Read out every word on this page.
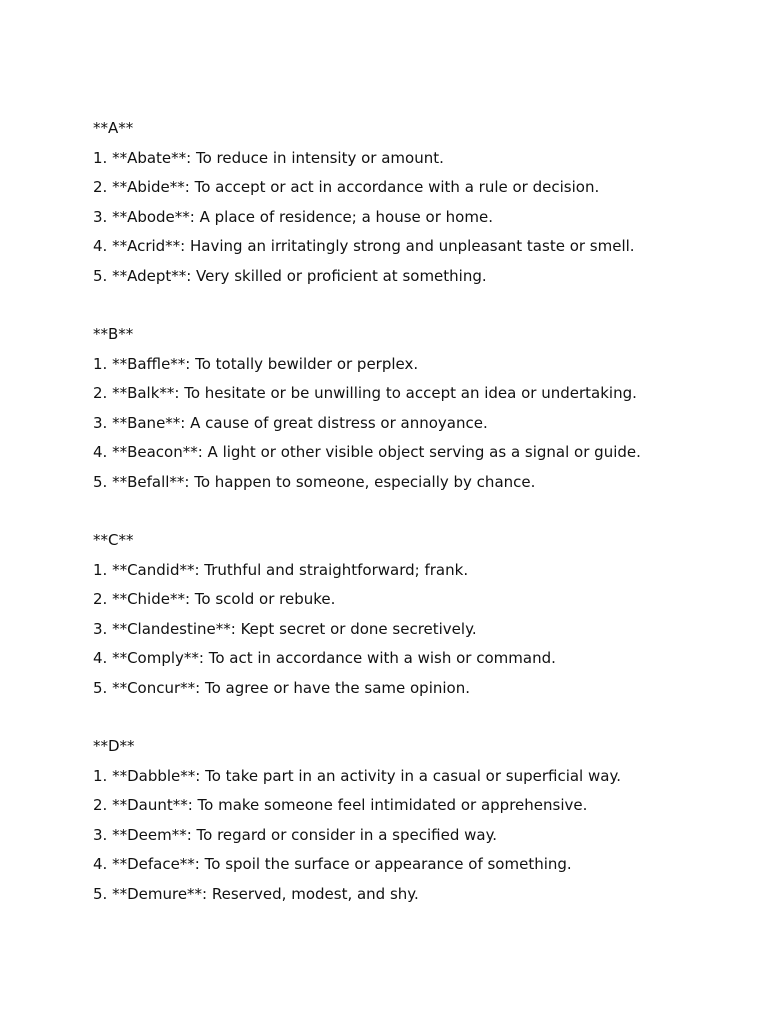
**A**
1. **Abate**: To reduce in intensity or amount.
2. **Abide**: To accept or act in accordance with a rule or decision.
3. **Abode**: A place of residence; a house or home.
4. **Acrid**: Having an irritatingly strong and unpleasant taste or smell.
5. **Adept**: Very skilled or proficient at something.
**B**
1. **Baffle**: To totally bewilder or perplex.
2. **Balk**: To hesitate or be unwilling to accept an idea or undertaking.
3. **Bane**: A cause of great distress or annoyance.
4. **Beacon**: A light or other visible object serving as a signal or guide.
5. **Befall**: To happen to someone, especially by chance.
**C**
1. **Candid**: Truthful and straightforward; frank.
2. **Chide**: To scold or rebuke.
3. **Clandestine**: Kept secret or done secretively.
4. **Comply**: To act in accordance with a wish or command.
5. **Concur**: To agree or have the same opinion.
**D**
1. **Dabble**: To take part in an activity in a casual or superficial way.
2. **Daunt**: To make someone feel intimidated or apprehensive.
3. **Deem**: To regard or consider in a specified way.
4. **Deface**: To spoil the surface or appearance of something.
5. **Demure**: Reserved, modest, and shy.
